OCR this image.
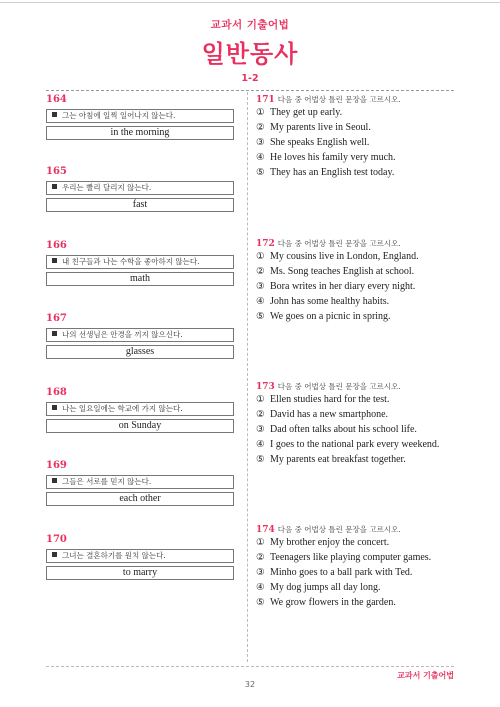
교과서 기출어법
일반동사
1-2
164
그는 아침에 일찍 일어나지 않는다.
in the morning
165
우리는 빨리 달리지 않는다.
fast
166
내 친구들과 나는 수학을 좋아하지 않는다.
math
167
나의 선생님은 안경을 끼지 않으신다.
glasses
168
나는 일요일에는 학교에 가지 않는다.
on Sunday
169
그들은 서로를 믿지 않는다.
each other
170
그녀는 결혼하기를 원치 않는다.
to marry
171 다음 중 어법상 틀린 문장을 고르시오.
① They get up early.
② My parents live in Seoul.
③ She speaks English well.
④ He loves his family very much.
⑤ They has an English test today.
172 다음 중 어법상 틀린 문장을 고르시오.
① My cousins live in London, England.
② Ms. Song teaches English at school.
③ Bora writes in her diary every night.
④ John has some healthy habits.
⑤ We goes on a picnic in spring.
173 다음 중 어법상 틀린 문장을 고르시오.
① Ellen studies hard for the test.
② David has a new smartphone.
③ Dad often talks about his school life.
④ I goes to the national park every weekend.
⑤ My parents eat breakfast together.
174 다음 중 어법상 틀린 문장을 고르시오.
① My brother enjoy the concert.
② Teenagers like playing computer games.
③ Minho goes to a ball park with Ted.
④ My dog jumps all day long.
⑤ We grow flowers in the garden.
교과서 기출어법
32
